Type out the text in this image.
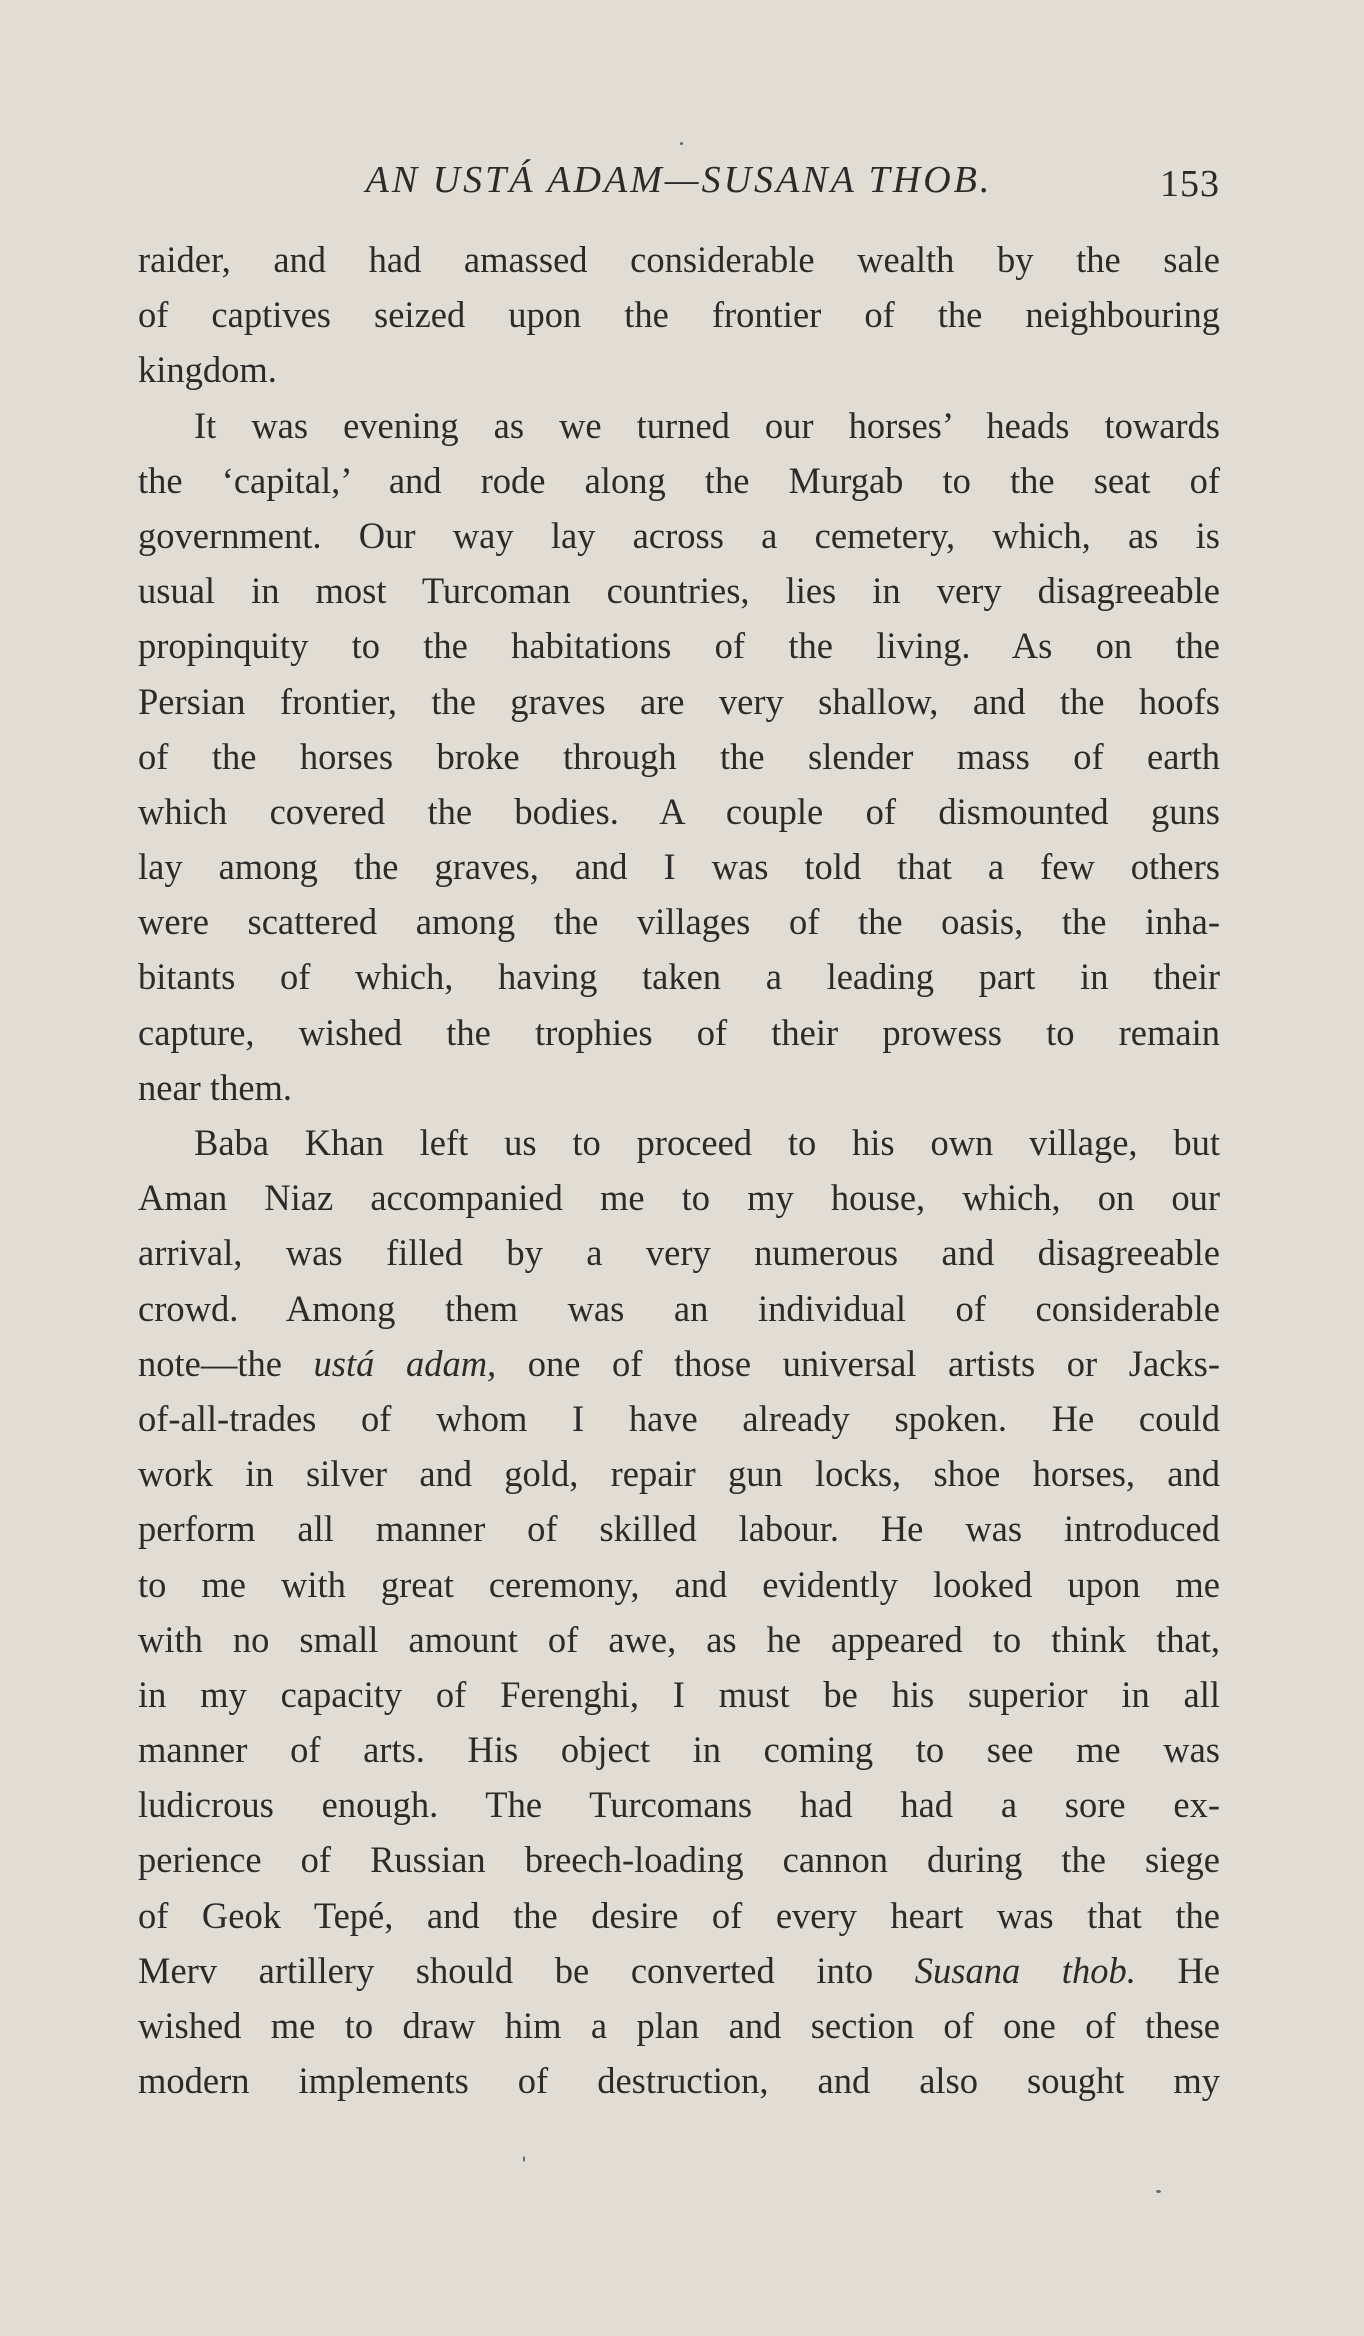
AN USTÁ ADAM—SUSANA THOB.	153
raider, and had amassed considerable wealth by the sale
of captives seized upon the frontier of the neighbouring
kingdom.
It was evening as we turned our horses’ heads towards
the ‘capital,’ and rode along the Murgab to the seat of
government. Our way lay across a cemetery, which, as is
usual in most Turcoman countries, lies in very disagreeable
propinquity to the habitations of the living. As on the
Persian frontier, the graves are very shallow, and the hoofs
of the horses broke through the slender mass of earth
which covered the bodies. A couple of dismounted guns
lay among the graves, and I was told that a few others
were scattered among the villages of the oasis, the inha-
bitants of which, having taken a leading part in their
capture, wished the trophies of their prowess to remain
near them.
Baba Khan left us to proceed to his own village, but
Aman Niaz accompanied me to my house, which, on our
arrival, was filled by a very numerous and disagreeable
crowd. Among them was an individual of considerable
note—the ustá adam, one of those universal artists or Jacks-
of-all-trades of whom I have already spoken. He could
work in silver and gold, repair gun locks, shoe horses, and
perform all manner of skilled labour. He was introduced
to me with great ceremony, and evidently looked upon me
with no small amount of awe, as he appeared to think that,
in my capacity of Ferenghi, I must be his superior in all
manner of arts. His object in coming to see me was
ludicrous enough. The Turcomans had had a sore ex-
perience of Russian breech-loading cannon during the siege
of Geok Tepé, and the desire of every heart was that the
Merv artillery should be converted into Susana thob. He
wished me to draw him a plan and section of one of these
modern implements of destruction, and also sought my
